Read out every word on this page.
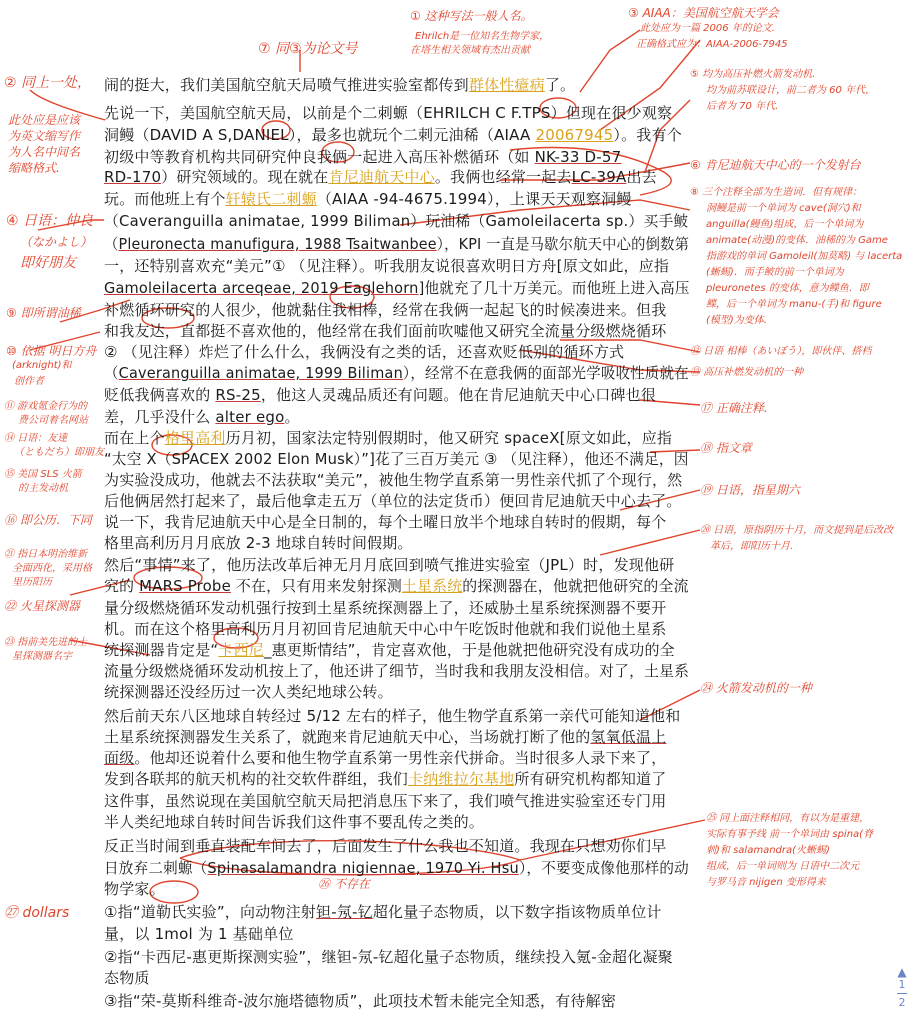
闹的挺大，我们美国航空航天局喷气推进实验室都传到群体性癔病了。
先说一下，美国航空航天局，以前是个二刺螈（EHRILCH C F.TPS）但现在很少观察
洞鳗（DAVID A S,DANIEL），最多也就玩个二刺元油稀（AIAA 20067945）。我有个
初级中等教育机构共同研究仲良我俩一起进入高压补燃循环（如 NK-33 D-57
RD-170）研究领域的。现在就在肯尼迪航天中心。我俩也经常一起去LC-39A出去
玩。而他班上有个轩辕氏二刺螈（AIAA -94-4675.1994），上课天天观察洞鳗
（Caveranguilla animatae, 1999 Biliman）玩油稀（Gamoleilacerta sp.）买手鲏
（Pleuronecta manufigura, 1988 Tsaitwanbee），KPI 一直是马歇尔航天中心的倒数第
一，还特别喜欢充“美元”① （见注释）。听我朋友说很喜欢明日方舟[原文如此，应指
Gamoleilacerta arceqeae, 2019 Eaglehorn]他就充了几十万美元。而他班上进入高压
补燃循环研究的人很少，他就黏住我相棒，经常在我俩一起起飞的时候凑进来。但我
和我友达，直都挺不喜欢他的，他经常在我们面前吹嘘他又研究全流量分级燃烧循环
② （见注释）炸烂了什么什么，我俩没有之类的话，还喜欢贬低别的循环方式
（Caveranguilla animatae, 1999 Biliman），经常不在意我俩的面部光学吸收性质就在
贬低我俩喜欢的 RS-25，他这人灵魂品质还有问题。他在肯尼迪航天中心口碑也很
差，几乎没什么 alter ego。
而在上个格里高利历月初，国家法定特别假期时，他又研究 spaceX[原文如此，应指
“太空 X（SPACEX 2002 Elon Musk）”]花了三百万美元 ③ （见注释），他还不满足，因
为实验没成功，他就去不法获取“美元”，被他生物学直系第一男性亲代抓了个现行，然
后他俩居然打起来了，最后他拿走五万（单位的法定货币）便回肯尼迪航天中心去了。
说一下，我肯尼迪航天中心是全日制的，每个土曜日放半个地球自转时的假期，每个
格里高利历月月底放 2-3 地球自转时间假期。
然后“事情”来了，他历法改革后神无月月底回到喷气推进实验室（JPL）时，发现他研
究的 MARS Probe 不在，只有用来发射探测土星系统的探测器在，他就把他研究的全流
量分级燃烧循环发动机强行按到土星系统探测器上了，还威胁土星系统探测器不要开
机。而在这个格里高利历月月初回肯尼迪航天中心中午吃饭时他就和我们说他土星系
统探测器肯定是“卡西尼_惠更斯情结”，肯定喜欢他，于是他就把他研究没有成功的全
流量分级燃烧循环发动机按上了，他还讲了细节，当时我和我朋友没相信。对了，土星系
统探测器还没经历过一次人类纪地球公转。
然后前天东八区地球自转经过 5/12 左右的样子，他生物学直系第一亲代可能知道他和
土星系统探测器发生关系了，就跑来肯尼迪航天中心，当场就打断了他的氢氧低温上
面级。他却还说着什么要和他生物学直系第一男性亲代拼命。当时很多人录下来了，
发到各联邦的航天机构的社交软件群组，我们卡纳维拉尔基地所有研究机构都知道了
这件事，虽然说现在美国航空航天局把消息压下来了，我们喷气推进实验室还专门用
半人类纪地球自转时间告诉我们这件事不要乱传之类的。
反正当时闹到垂直装配车间去了，后面发生了什么我也不知道。我现在只想劝你们早
日放弃二刺螈（Spinasalamandra nigiennae, 1970 Yi. Hsu），不要变成像他那样的动
物学家。
①指“道勒氏实验”，向动物注射钽-氖-钇超化量子态物质，以下数字指该物质单位计
量，以 1mol 为 1 基础单位
②指“卡西尼-惠更斯探测实验”，继钽-氖-钇超化量子态物质，继续投入氪-金超化凝聚
态物质
③指“荣-莫斯科维奇-波尔施塔德物质”，此项技术暂未能完全知悉，有待解密
① 这种写法一般人名。
Ehrilch是一位知名生物学家，
在塔生相关领域有杰出贡献
③ AIAA：美国航空航天学会
此处应为一篇 2006 年的论文.
正确格式应为：AIAA-2006-7945
⑦ 同③为论文号
② 同上一处，
此处应是应该
为英文缩写作
为人名中间名
缩略格式.
⑤ 均为高压补燃火箭发动机.
均为前苏联设计，前二者为 60 年代，
后者为 70 年代.
⑥ 肯尼迪航天中心的一个发射台
④ 日语：仲良
（なかよし）
即好朋友
⑧ 三个注释全部为生造词．但有规律：
洞鳗是前一个单词为 cave(洞穴)和
anguilla(鳗鱼)组成，后一个单词为
animate(动漫)的变体．油稀的为 Game
指游戏的单词 Gamoleil(加莫略) 与 lacerta
(蜥蜴)．而手鲏的前一个单词为
pleuronetes 的变体，意为鲽鱼．即
鲽，后一个单词为 manu-(手)和 figure
(模型)为变体.
⑨ 即所谓油稀
⑩ 依据 明日方舟
(arknight)和
创作者
⑫ 日语 相棒（あいぼう），即伙伴、搭档
⑬ 高压补燃发动机的一种
⑪ 游戏氪金行为的
费公司着名网站
⑭ 日语：友達
（ともだち）即朋友
⑮ 美国 SLS 火箭
的主发动机
⑯ 即公历．下同
⑰ 正确注释.
⑱ 指文章
⑲ 日语，指星期六
⑳ 日语，原指阴历十月，而文提到是后改改
革后，即阳历十月.
㉑ 指日本明治维新
全面西化，采用格
里历阳历
㉒ 火星探测器
㉓ 指前美先进的土
星探测器名字
㉔ 火箭发动机的一种
㉕ 同上面注释相同，有以为是重建，
实际有事予线 前一个单词由 spina(脊
刺)和 salamandra(火蜥蜴)
组成，后一单词则为 日语中二次元
与罗马音 nijigen 变形得来
㉖ 不存在
㉗ dollars
▲
1
2
